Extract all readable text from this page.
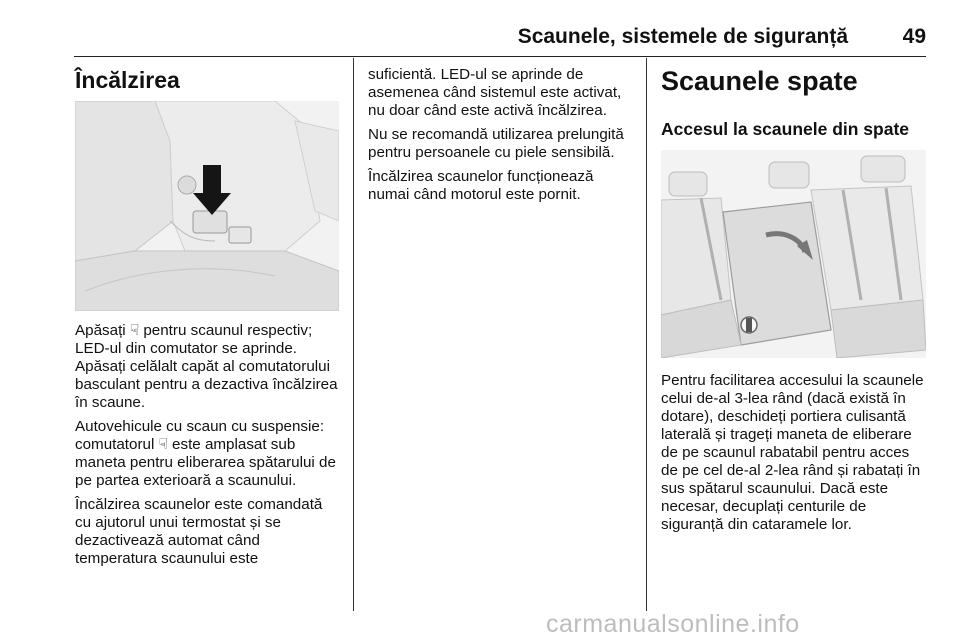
Scaunele, sistemele de siguranță	49
Încălzirea

Apăsați ☟ pentru scaunul respectiv; LED-ul din comutator se aprinde. Apăsați celălalt capăt al comutatorului basculant pentru a dezactiva încălzirea în scaune.

Autovehicule cu scaun cu suspensie: comutatorul ☟ este amplasat sub maneta pentru eliberarea spătarului de pe partea exterioară a scaunului.

Încălzirea scaunelor este comandată cu ajutorul unui termostat și se dezactivează automat când temperatura scaunului este

suficientă. LED-ul se aprinde de asemenea când sistemul este activat, nu doar când este activă încălzirea.

Nu se recomandă utilizarea prelungită pentru persoanele cu piele sensibilă.

Încălzirea scaunelor funcționează numai când motorul este pornit.

Scaunele spate
Accesul la scaunele din spate

Pentru facilitarea accesului la scaunele celui de-al 3-lea rând (dacă există în dotare), deschideți portiera culisantă laterală și trageți maneta de eliberare de pe scaunul rabatabil pentru acces de pe cel de-al 2-lea rând și rabatați în sus spătarul scaunului. Dacă este necesar, decuplați centurile de siguranță din cataramele lor.

carmanualsonline.info
